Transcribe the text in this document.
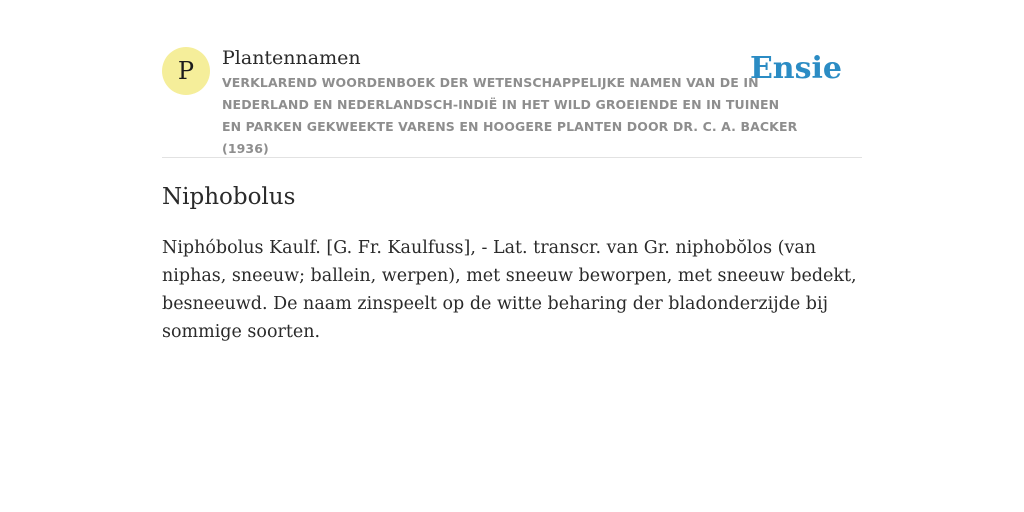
P	Plantennamen
VERKLAREND WOORDENBOEK DER WETENSCHAPPELIJKE NAMEN VAN DE IN NEDERLAND EN NEDERLANDSCH-INDIË IN HET WILD GROEIENDE EN IN TUINEN EN PARKEN GEKWEEKTE VARENS EN HOOGERE PLANTEN DOOR DR. C. A. BACKER (1936)
Ensie
Niphobolus

Niphóbolus Kaulf. [G. Fr. Kaulfuss], - Lat. transcr. van Gr. niphobŏlos (van niphas, sneeuw; ballein, werpen), met sneeuw beworpen, met sneeuw bedekt, besneeuwd. De naam zinspeelt op de witte beharing der bladonderzijde bij sommige soorten.
